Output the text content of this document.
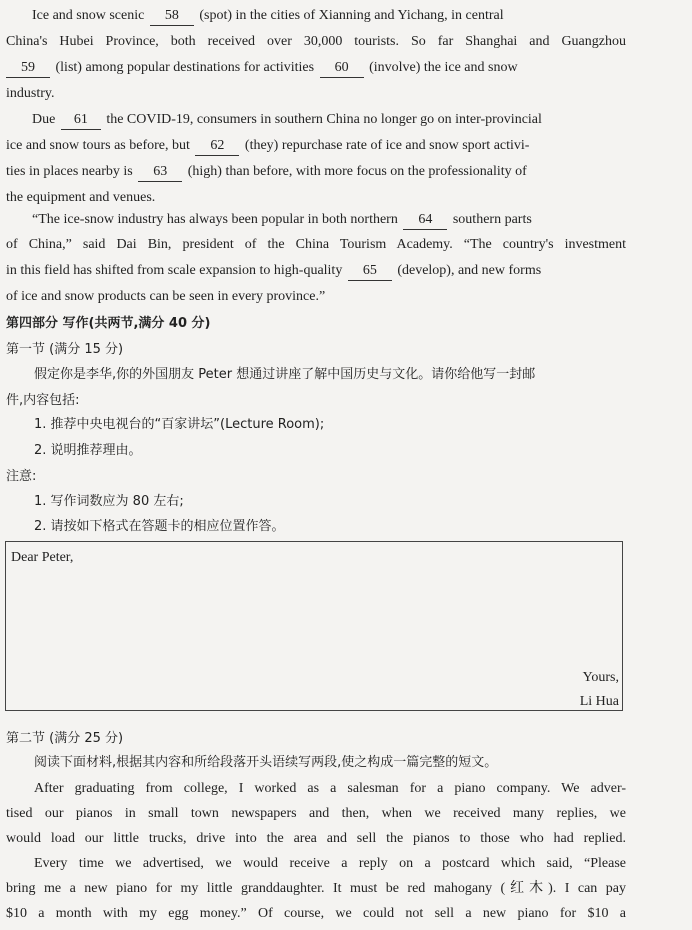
Ice and snow scenic 58 (spot) in the cities of Xianning and Yichang, in central
China's Hubei Province, both received over 30,000 tourists. So far Shanghai and Guangzhou
59 (list) among popular destinations for activities 60 (involve) the ice and snow
industry.
Due 61 the COVID-19, consumers in southern China no longer go on inter-provincial
ice and snow tours as before, but 62 (they) repurchase rate of ice and snow sport activi-
ties in places nearby is 63 (high) than before, with more focus on the professionality of
the equipment and venues.
“The ice-snow industry has always been popular in both northern 64 southern parts
of China,” said Dai Bin, president of the China Tourism Academy. “The country's investment
in this field has shifted from scale expansion to high-quality 65 (develop), and new forms
of ice and snow products can be seen in every province.”
第四部分 写作(共两节,满分 40 分)
第一节 (满分 15 分)
假定你是李华,你的外国朋友 Peter 想通过讲座了解中国历史与文化。请你给他写一封邮
件,内容包括:
1. 推荐中央电视台的“百家讲坛”(Lecture Room);
2. 说明推荐理由。
注意:
1. 写作词数应为 80 左右;
2. 请按如下格式在答题卡的相应位置作答。
Dear Peter,
Yours,
Li Hua
第二节 (满分 25 分)
阅读下面材料,根据其内容和所给段落开头语续写两段,使之构成一篇完整的短文。
After graduating from college, I worked as a salesman for a piano company. We adver-
tised our pianos in small town newspapers and then, when we received many replies, we
would load our little trucks, drive into the area and sell the pianos to those who had replied.
Every time we advertised, we would receive a reply on a postcard which said, “Please
bring me a new piano for my little granddaughter. It must be red mahogany (红木). I can pay
$10 a month with my egg money.” Of course, we could not sell a new piano for $10 a
